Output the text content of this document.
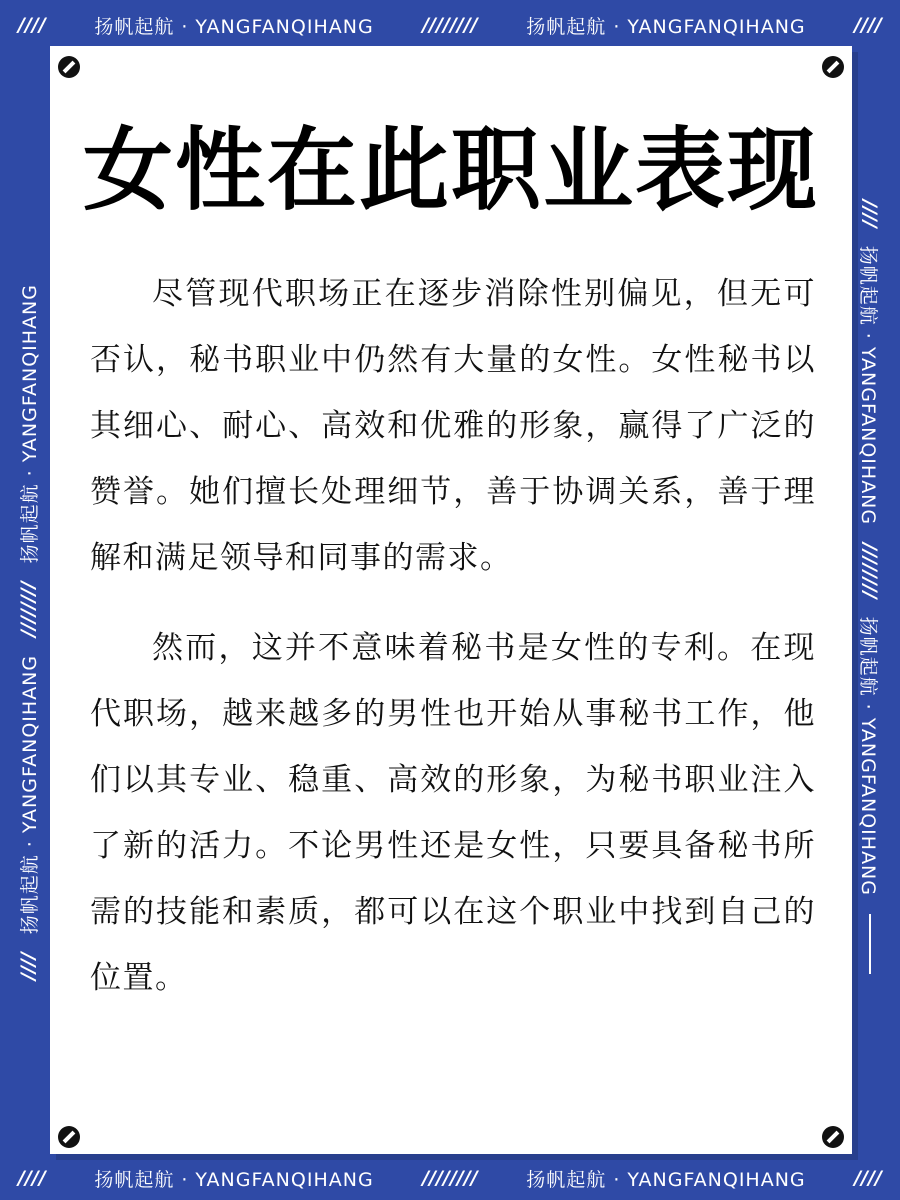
////	扬帆起航 · YANGFANQIHANG	////////	扬帆起航 · YANGFANQIHANG	////
////
扬帆起航 · YANGFANQIHANG
////////
扬帆起航 · YANGFANQIHANG
////
扬帆起航 · YANGFANQIHANG
////////
扬帆起航 · YANGFANQIHANG
女性在此职业表现

尽管现代职场正在逐步消除性别偏见，但无可否认，秘书职业中仍然有大量的女性。女性秘书以其细心、耐心、高效和优雅的形象，赢得了广泛的赞誉。她们擅长处理细节，善于协调关系，善于理解和满足领导和同事的需求。

然而，这并不意味着秘书是女性的专利。在现代职场，越来越多的男性也开始从事秘书工作，他们以其专业、稳重、高效的形象，为秘书职业注入了新的活力。不论男性还是女性，只要具备秘书所需的技能和素质，都可以在这个职业中找到自己的位置。

////	扬帆起航 · YANGFANQIHANG	////////	扬帆起航 · YANGFANQIHANG	////
